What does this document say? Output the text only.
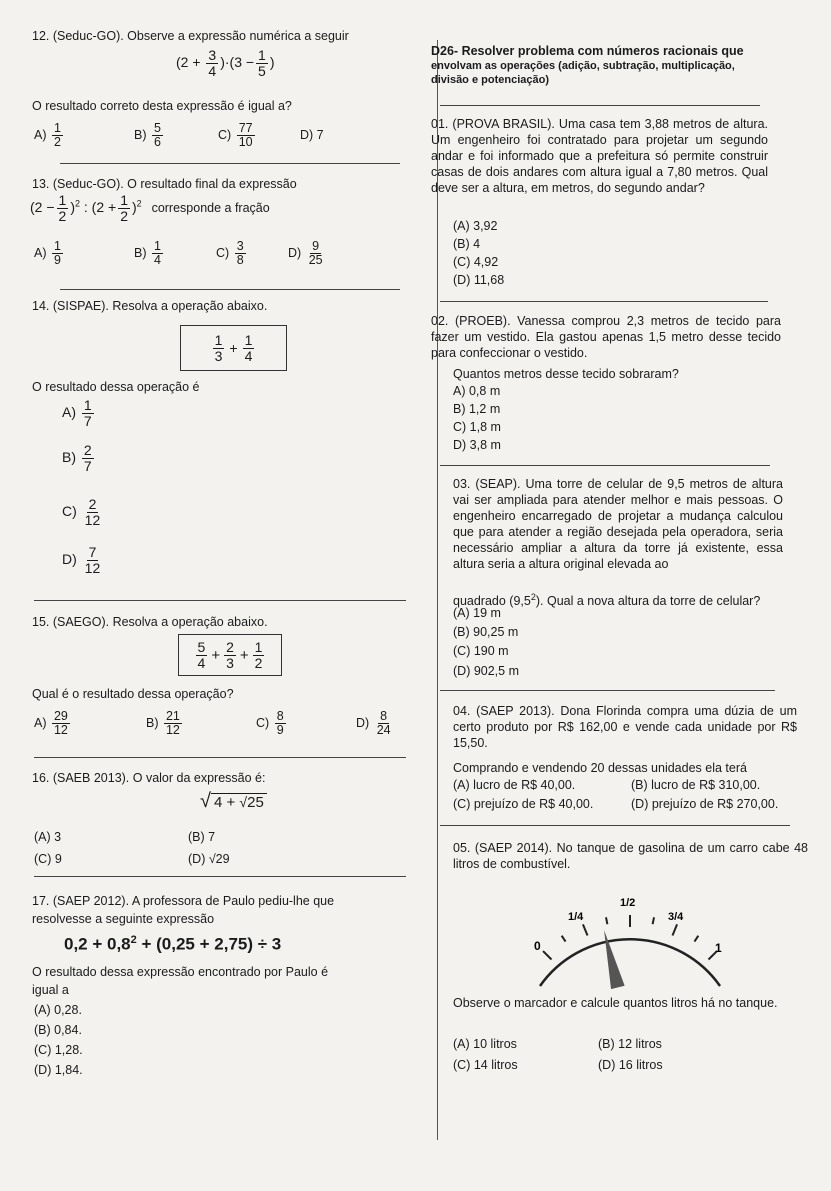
12. (Seduc-GO). Observe a expressão numérica a seguir
$(2 + \frac{3}{4} )\cdot(3 - \frac{1}{5}$ )
O resultado correto desta expressão é igual a?
$A) \frac{1}{2}$	$B) \frac{5}{6}$	$C) \frac{77}{10}$	D) 7
13. (Seduc-GO). O resultado final da expressão
$(2 - \frac{1}{2} )^2$ : $(2 + \frac{1}{2} )^2$ corresponde a fração
$A) \frac{1}{9}$	$B) \frac{1}{4}$	$C) \frac{3}{8}$	$D) \frac{9}{25}$
14. (SISPAE). Resolva a operação abaixo.
$\frac{1}{3} + \frac{1}{4}$
O resultado dessa operação é
$A) \frac{1}{7}$
$B) \frac{2}{7}$
$C) \frac{2}{12}$
$D) \frac{7}{12}$
15. (SAEGO). Resolva a operação abaixo.
$\frac{5}{4} + \frac{2}{3} + \frac{1}{2}$
Qual é o resultado dessa operação?
$A) \frac{29}{12}$	$B) \frac{21}{12}$	$C) \frac{8}{9}$	$D) \frac{8}{24}$
16. (SAEB 2013). O valor da expressão é:
√ 4 + √25
(A) 3	(B) 7
(C) 9	(D) √29
17. (SAEP 2012). A professora de Paulo pediu-lhe que
resolvesse a seguinte expressão
$0,2 + 0,8^2 + (0,25 + 2,75) \div 3$
O resultado dessa expressão encontrado por Paulo é
igual a
(A) 0,28.
(B) 0,84.
(C) 1,28.
(D) 1,84.
D26- Resolver problema com números racionais que
envolvam as operações (adição, subtração, multiplicação,
divisão e potenciação)
01. (PROVA BRASIL). Uma casa tem 3,88 metros de altura. Um engenheiro foi contratado para projetar um segundo andar e foi informado que a prefeitura só permite construir casas de dois andares com altura igual a 7,80 metros. Qual deve ser a altura, em metros, do segundo andar?
(A) 3,92
(B) 4
(C) 4,92
(D) 11,68
02. (PROEB). Vanessa comprou 2,3 metros de tecido para fazer um vestido. Ela gastou apenas 1,5 metro desse tecido para confeccionar o vestido.
Quantos metros desse tecido sobraram?
A) 0,8 m
B) 1,2 m
C) 1,8 m
D) 3,8 m
03. (SEAP). Uma torre de celular de 9,5 metros de altura vai ser ampliada para atender melhor e mais pessoas. O engenheiro encarregado de projetar a mudança calculou que para atender a região desejada pela operadora, seria necessário ampliar a altura da torre já existente, essa altura seria a altura original elevada ao
quadrado $(9,5^2)$. Qual a nova altura da torre de celular?
(A) 19 m
(B) 90,25 m
(C) 190 m
(D) 902,5 m
04. (SAEP 2013). Dona Florinda compra uma dúzia de um certo produto por R$ 162,00 e vende cada unidade por R$ 15,50.
Comprando e vendendo 20 dessas unidades ela terá
(A) lucro de R$ 40,00.	(B) lucro de R$ 310,00.
(C) prejuízo de R$ 40,00.	(D) prejuízo de R$ 270,00.
05. (SAEP 2014). No tanque de gasolina de um carro cabe 48 litros de combustível.
0
1/4
1/2
3/4
1
Observe o marcador e calcule quantos litros há no tanque.
(A) 10 litros	(B) 12 litros
(C) 14 litros	(D) 16 litros
